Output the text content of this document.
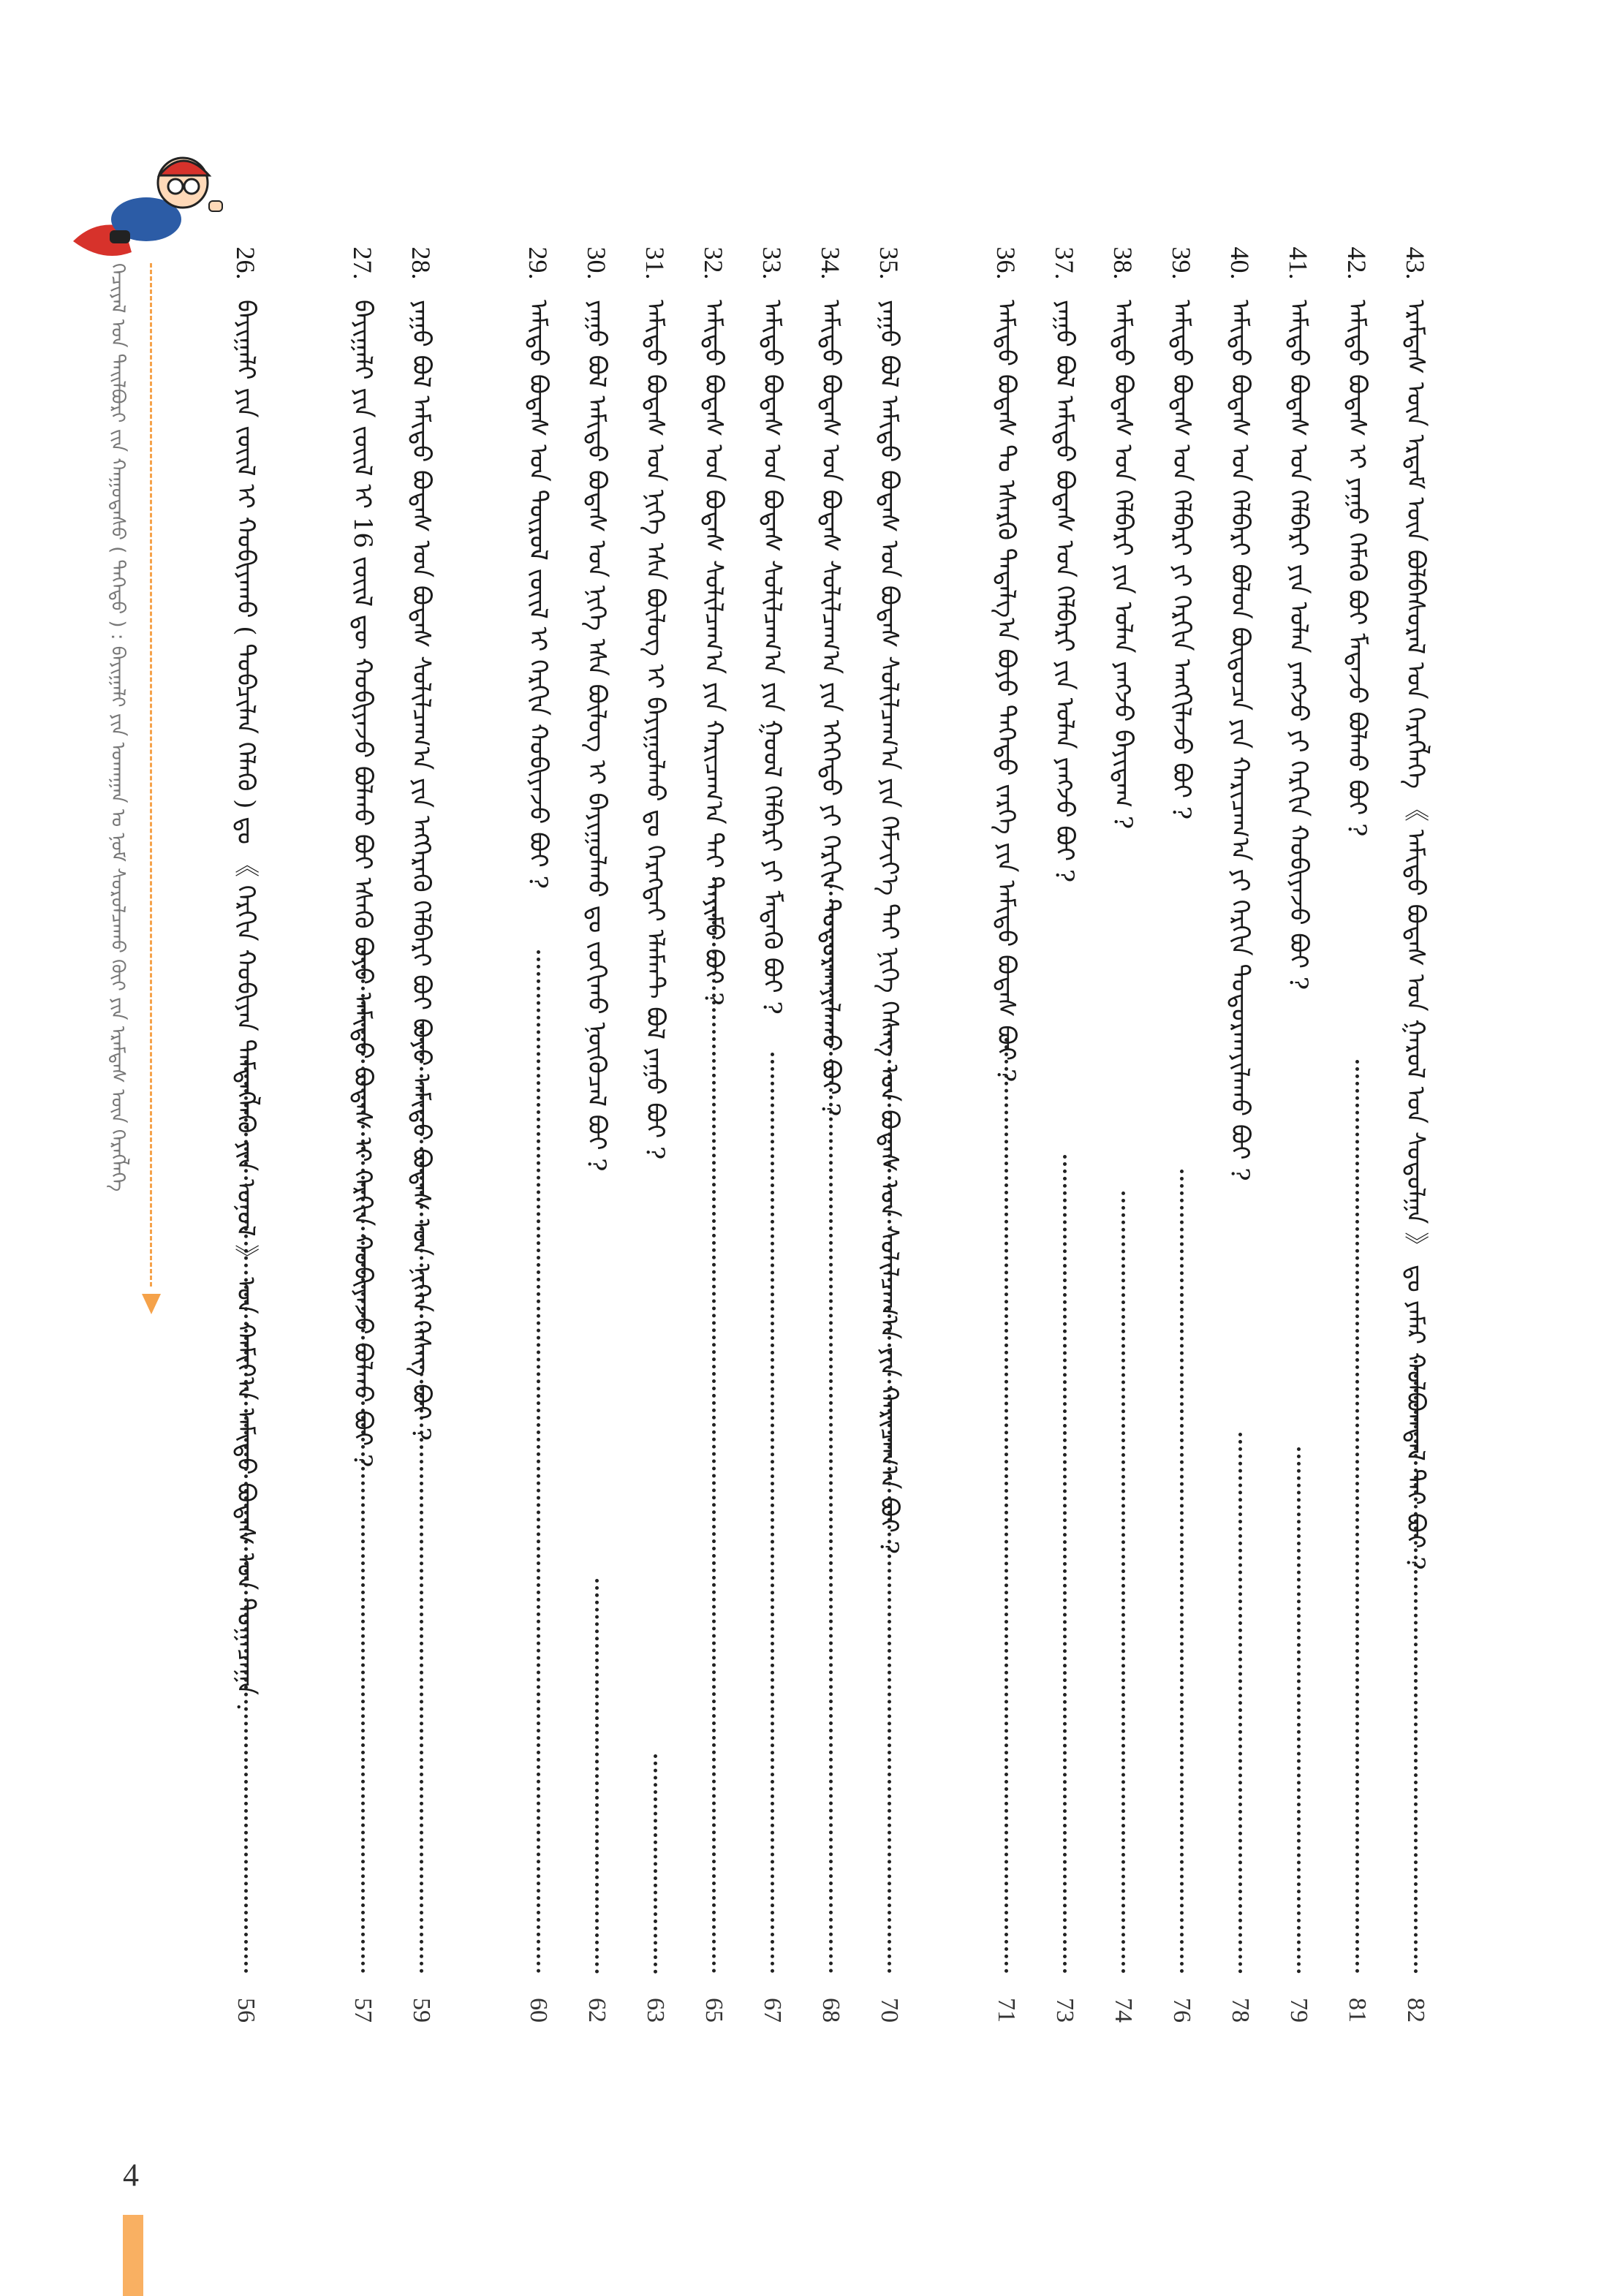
4
ᠬᠡᠴᠢᠶᠡᠯ ᠤᠨ ᠲᠠᠢᠯᠪᠤᠷᠢ ᠵᠢᠨ ᠬᠠᠭᠤᠳᠠᠰᠤ ( ᠳᠡᠭᠡᠳᠦ ) : ᠪᠠᠶᠢᠭᠠᠯᠢ ᠶᠢᠨ ᠤᠬᠠᠭᠠᠨ ᠤ ᠨᠣᠮ ᠰᠤᠷᠤᠯᠴᠠᠬᠤ ᠬᠦᠢ ᠶᠢᠨ ᠡᠷᠡᠮᠳᠡᠰ ᠦᠨ ᠬᠡᠷᠡᠭᠯᠡᠭᠡ	43.
ᠡᠷᠡᠮᠳᠡᠰ ᠦᠨ ᠡᠷᠳᠡᠮ ᠦᠨ ᠪᠣᠯᠪᠠᠰᠤᠷᠠᠯ ᠤᠨ ᠬᠡᠷᠡᠭᠯᠡᠭᠡ 《 ᠠᠮᠢᠳᠤ ᠪᠣᠳᠠᠰ ᠤᠨ ᠭᠠᠷᠤᠯ ᠤᠨ ᠰᠤᠳᠤᠯᠭᠠ 》 ᠳᠤ ᠶᠠᠮᠠᠷ ᠬᠣᠯᠪᠣᠭᠳᠠᠯ ᠲᠠᠢ ᠪᠤᠢ ?
82
42.
ᠠᠮᠢᠳᠤ ᠪᠣᠳᠠᠰ ᠢ ᠶᠠᠭᠤ ᠬᠡᠮᠡᠬᠦ ᠪᠤᠢ ᠮᠡᠳᠡᠵᠦ ᠪᠣᠯᠬᠤ ᠪᠤᠢ ?
81
41.
ᠠᠮᠢᠳᠤ ᠪᠣᠳᠠᠰ ᠤᠨ ᠬᠡᠯᠪᠡᠷᠢ ᠶᠢᠨ ᠣᠯᠠᠨ ᠶᠠᠩᠵᠤ ᠶᠢ ᠬᠡᠷᠬᠢᠨ ᠬᠤᠪᠢᠶᠠᠵᠤ ᠪᠤᠢ ?
79
40.
ᠠᠮᠢᠳᠤ ᠪᠣᠳᠠᠰ ᠤᠨ ᠬᠡᠯᠪᠡᠷᠢ ᠪᠣᠯᠤᠨ ᠪᠦᠲᠦᠴᠡ ᠶᠢᠨ ᠬᠠᠷᠢᠴᠠᠭ᠎ᠠ ᠶᠢ ᠬᠡᠷᠬᠢᠨ ᠲᠣᠳᠤᠷᠬᠠᠶᠢᠯᠠᠬᠤ ᠪᠤᠢ ?
78
39.
ᠠᠮᠢᠳᠤ ᠪᠣᠳᠠᠰ ᠤᠨ ᠬᠡᠯᠪᠡᠷᠢ ᠶᠢ ᠬᠡᠷᠬᠢᠨ ᠠᠩᠭᠢᠯᠠᠵᠤ ᠪᠤᠢ ?
76
38.
ᠠᠮᠢᠳᠤ ᠪᠣᠳᠠᠰ ᠤᠨ ᠬᠡᠯᠪᠡᠷᠢ ᠶᠢᠨ ᠣᠯᠠᠨ ᠶᠠᠩᠵᠤ ᠪᠠᠶᠢᠳᠠᠭ ?
74
37.
ᠶᠠᠭᠤ ᠪᠣᠯ ᠠᠮᠢᠳᠤ ᠪᠣᠳᠠᠰ ᠤᠨ ᠬᠡᠯᠪᠡᠷᠢ ᠶᠢᠨ ᠣᠯᠠᠨ ᠶᠠᠩᠵᠤ ᠪᠤᠢ ?
73
36.
ᠠᠮᠢᠳᠤ ᠪᠣᠳᠠᠰ ᠲᠤ ᠡᠰᠡᠷᠭᠦ ᠲᠠᠲᠠᠯᠭ᠎ᠠ ᠪᠤᠶᠤ ᠳᠡᠭᠡᠳᠦ ᠵᠡᠷᠭᠡ ᠶᠢᠨ ᠠᠮᠢᠳᠤ ᠪᠣᠳᠠᠰ ᠪᠤᠢ ?
71
35.
ᠶᠠᠭᠤ ᠪᠣᠯ ᠠᠮᠢᠳᠤ ᠪᠣᠳᠠᠰ ᠤᠨ ᠪᠣᠳᠠᠰ ᠰᠣᠯᠢᠯᠴᠠᠭ᠎ᠠ ᠶᠢᠨ ᠬᠡᠮᠵᠢᠶ᠎ᠡ ᠲᠠᠢ ᠨᠢᠭᠡ ᠬᠡᠰᠡᠭ ᠤᠨ ᠪᠣᠳᠠᠰ ᠤᠨ ᠰᠣᠯᠢᠯᠴᠠᠭ᠎ᠠ ᠶᠢᠨ ᠬᠠᠷᠢᠴᠠᠭ᠎ᠠ ᠪᠤᠢ ?
70
34.
ᠠᠮᠢᠳᠤ ᠪᠣᠳᠠᠰ ᠤᠨ ᠪᠣᠳᠠᠰ ᠰᠣᠯᠢᠯᠴᠠᠭ᠎ᠠ ᠶᠢᠨ ᠡᠭᠡᠭᠡᠳᠦ ᠶᠢ ᠬᠡᠷᠬᠢᠨ ᠲᠣᠳᠤᠷᠬᠠᠶᠢᠯᠠᠬᠤ ᠪᠤᠢ ?
68
33.
ᠠᠮᠢᠳᠤ ᠪᠣᠳᠠᠰ ᠤᠨ ᠪᠣᠳᠠᠰ ᠰᠣᠯᠢᠯᠴᠠᠭ᠎ᠠ ᠶᠢᠨ ᠭᠣᠣᠯ ᠬᠡᠯᠪᠡᠷᠢ ᠶᠢ ᠮᠡᠳᠡᠬᠦ ᠪᠤᠢ ?
67
32.
ᠠᠮᠢᠳᠤ ᠪᠣᠳᠠᠰ ᠤᠨ ᠪᠣᠳᠠᠰ ᠰᠣᠯᠢᠯᠴᠠᠭ᠎ᠠ ᠶᠢᠨ ᠬᠠᠷᠢᠴᠠᠭ᠎ᠠ ᠲᠠᠢ ᠲᠡᠶᠢᠮᠦ ᠪᠤᠢ ?
65
31.
ᠠᠮᠢᠳᠤ ᠪᠣᠳᠠᠰ ᠤᠨ ᠨᠢᠭᠡ ᠡᠰᠡ ᠪᠦᠯᠦᠭ ᠢ ᠪᠠᠶᠢᠭᠤᠯᠬᠤ ᠳᠤ ᠬᠡᠷᠡᠭᠲᠡᠶ ᠡᠯᠡᠮᠡᠨᠲ ᠪᠣᠯ ᠶᠠᠭᠤ ᠪᠤᠢ ?
63
30.
ᠶᠠᠭᠤ ᠪᠣᠯ ᠠᠮᠢᠳᠤ ᠪᠣᠳᠠᠰ ᠤᠨ ᠨᠢᠭᠡ ᠡᠰᠡ ᠪᠦᠯᠦᠭ ᠢ ᠪᠠᠶᠢᠭᠤᠯᠬᠤ ᠳᠤ ᠵᠣᠬᠢᠬᠤ ᠨᠥᠬᠦᠴᠡᠯ ᠪᠤᠢ ?
62
29.
ᠠᠮᠢᠳᠤ ᠪᠣᠳᠠᠰ ᠤᠨ ᠲᠦᠷᠦᠯ ᠵᠦᠢᠯ ᠢ ᠬᠡᠷᠬᠢᠨ ᠬᠤᠪᠢᠶᠠᠵᠤ ᠪᠤᠢ ?
60
28.
ᠶᠠᠭᠤ ᠪᠣᠯ ᠠᠮᠢᠳᠤ ᠪᠣᠳᠠᠰ ᠤᠨ ᠪᠣᠳᠠᠰ ᠰᠣᠯᠢᠯᠴᠠᠭ᠎ᠠ ᠶᠢᠨ ᠡᠩᠭᠡᠷᠡᠭᠦ ᠬᠡᠯᠪᠡᠷᠢ ᠪᠤᠢ ᠪᠤᠶᠤ ᠠᠮᠢᠳᠤ ᠪᠣᠳᠠᠰ ᠤᠨ ᠨᠢᠭᠡᠨ ᠬᠡᠰᠡᠭ ᠪᠤᠢ ?
59
27.
ᠪᠠᠶᠢᠭᠠᠯᠢ ᠶᠢᠨ ᠵᠦᠢᠯ ᠢ 16 ᠵᠦᠢᠯ ᠳᠦ ᠬᠤᠪᠢᠶᠠᠵᠤ ᠪᠣᠯᠬᠤ ᠪᠤᠢ ᠡᠰᠡᠬᠦ ᠪᠤᠶᠤ ᠠᠮᠢᠳᠤ ᠪᠣᠳᠠᠰ ᠢ ᠬᠡᠷᠬᠢᠨ ᠬᠤᠪᠢᠶᠠᠵᠤ ᠪᠣᠯᠬᠤ ᠪᠤᠢ ?
57
26.
ᠪᠠᠶᠢᠭᠠᠯᠢ ᠶᠢᠨ ᠵᠦᠢᠯ ᠢ ᠬᠤᠪᠢᠶᠠᠬᠤ ( ᠲᠣᠪᠴᠢᠯᠠᠨ ᠬᠡᠯᠡᠬᠦ ) ᠳᠤ 《 ᠬᠡᠷᠬᠢᠨ ᠬᠤᠪᠢᠶᠠᠨ ᠲᠡᠮᠳᠡᠭᠯᠡᠬᠦ ᠶᠢᠨ ᠤᠨᠤᠯ 》 ᠤᠨ ᠬᠠᠮᠢᠶ᠎ᠠ ᠠᠮᠢᠳᠤ ᠪᠣᠳᠠᠰ ᠤᠨ ᠲᠣᠭᠠᠴᠠᠭᠠ .
56
